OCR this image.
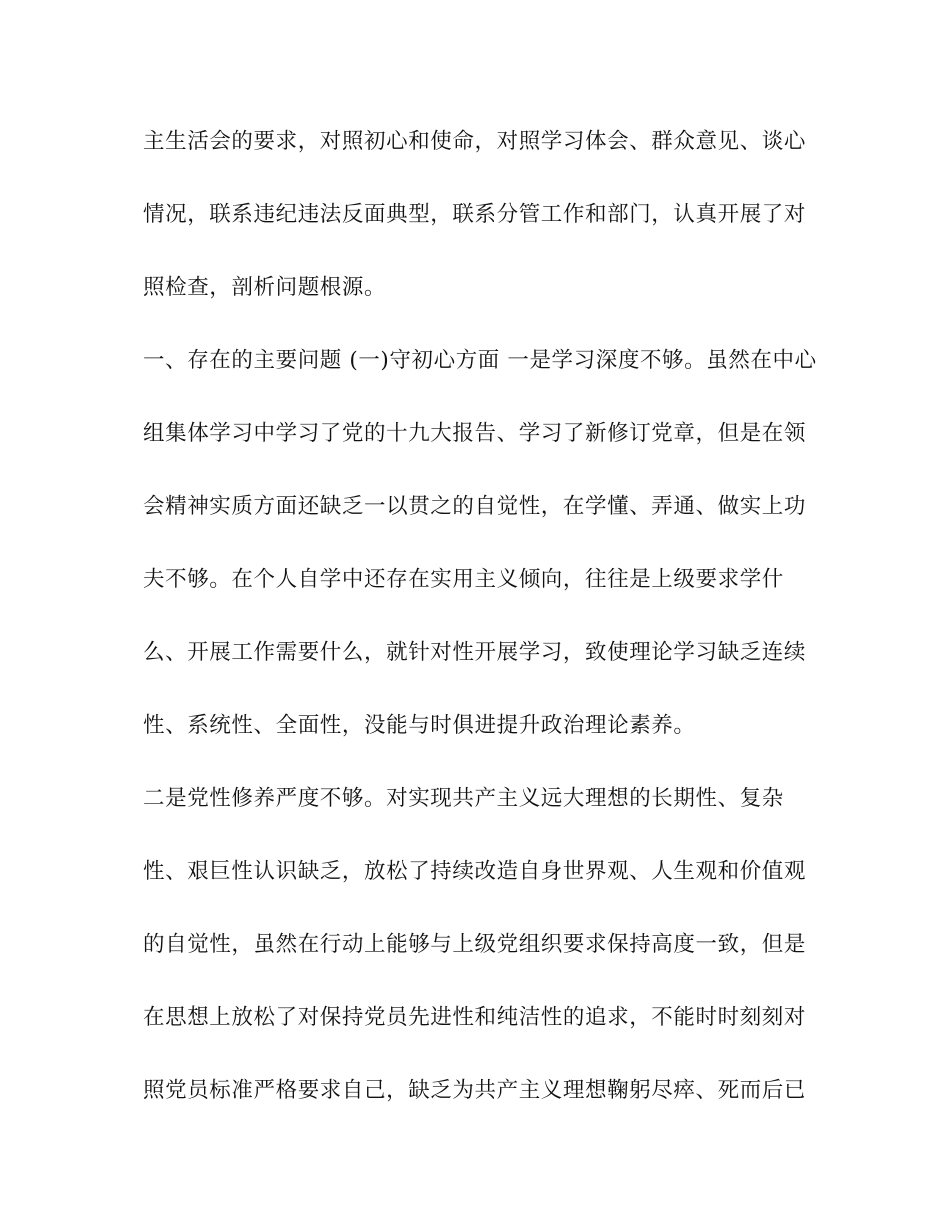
主生活会的要求，对照初心和使命，对照学习体会、群众意见、谈心
情况，联系违纪违法反面典型，联系分管工作和部门，认真开展了对
照检查，剖析问题根源。
一、存在的主要问题 (一)守初心方面 一是学习深度不够。虽然在中心
组集体学习中学习了党的十九大报告、学习了新修订党章，但是在领
会精神实质方面还缺乏一以贯之的自觉性，在学懂、弄通、做实上功
夫不够。在个人自学中还存在实用主义倾向，往往是上级要求学什
么、开展工作需要什么，就针对性开展学习，致使理论学习缺乏连续
性、系统性、全面性，没能与时俱进提升政治理论素养。
二是党性修养严度不够。对实现共产主义远大理想的长期性、复杂
性、艰巨性认识缺乏，放松了持续改造自身世界观、人生观和价值观
的自觉性，虽然在行动上能够与上级党组织要求保持高度一致，但是
在思想上放松了对保持党员先进性和纯洁性的追求，不能时时刻刻对
照党员标准严格要求自己，缺乏为共产主义理想鞠躬尽瘁、死而后已
